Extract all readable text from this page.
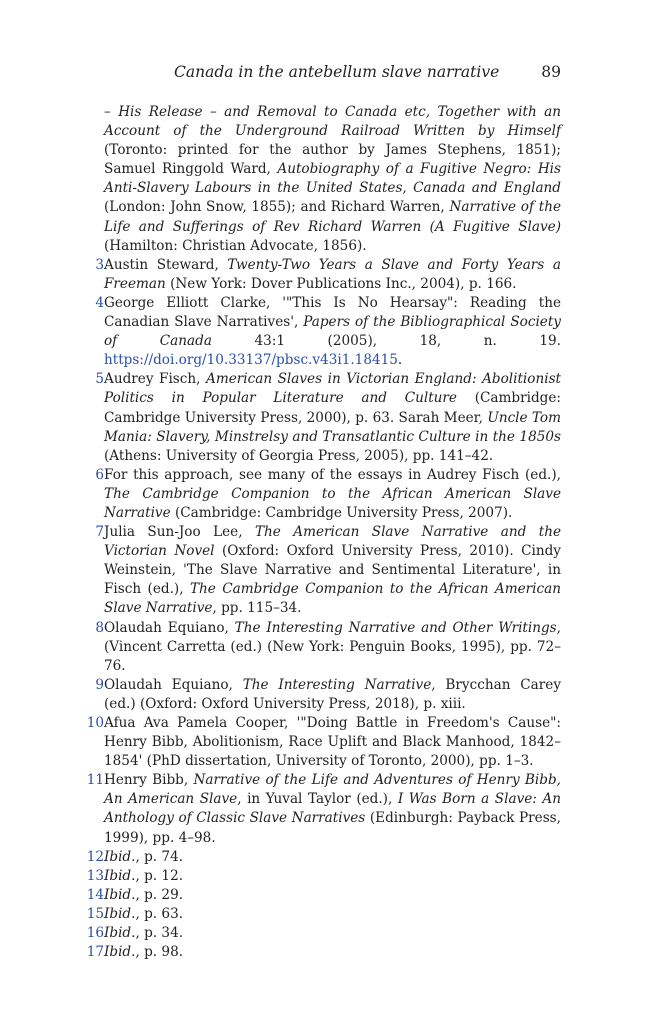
Canada in the antebellum slave narrative	89
– His Release – and Removal to Canada etc, Together with an Account of the Underground Railroad Written by Himself (Toronto: printed for the author by James Stephens, 1851); Samuel Ringgold Ward, Autobiography of a Fugitive Negro: His Anti-Slavery Labours in the United States, Canada and England (London: John Snow, 1855); and Richard Warren, Narrative of the Life and Sufferings of Rev Richard Warren (A Fugitive Slave) (Hamilton: Christian Advocate, 1856).
3 Austin Steward, Twenty-Two Years a Slave and Forty Years a Freeman (New York: Dover Publications Inc., 2004), p. 166.
4 George Elliott Clarke, '"This Is No Hearsay": Reading the Canadian Slave Narratives', Papers of the Bibliographical Society of Canada 43:1 (2005), 18, n. 19. https://doi.org/10.33137/pbsc.v43i1.18415.
5 Audrey Fisch, American Slaves in Victorian England: Abolitionist Politics in Popular Literature and Culture (Cambridge: Cambridge University Press, 2000), p. 63. Sarah Meer, Uncle Tom Mania: Slavery, Minstrelsy and Transatlantic Culture in the 1850s (Athens: University of Georgia Press, 2005), pp. 141–42.
6 For this approach, see many of the essays in Audrey Fisch (ed.), The Cambridge Companion to the African American Slave Narrative (Cambridge: Cambridge University Press, 2007).
7 Julia Sun-Joo Lee, The American Slave Narrative and the Victorian Novel (Oxford: Oxford University Press, 2010). Cindy Weinstein, 'The Slave Narrative and Sentimental Literature', in Fisch (ed.), The Cambridge Companion to the African American Slave Narrative, pp. 115–34.
8 Olaudah Equiano, The Interesting Narrative and Other Writings, (Vincent Carretta (ed.) (New York: Penguin Books, 1995), pp. 72–76.
9 Olaudah Equiano, The Interesting Narrative, Brycchan Carey (ed.) (Oxford: Oxford University Press, 2018), p. xiii.
10 Afua Ava Pamela Cooper, '"Doing Battle in Freedom's Cause": Henry Bibb, Abolitionism, Race Uplift and Black Manhood, 1842–1854' (PhD dissertation, University of Toronto, 2000), pp. 1–3.
11 Henry Bibb, Narrative of the Life and Adventures of Henry Bibb, An American Slave, in Yuval Taylor (ed.), I Was Born a Slave: An Anthology of Classic Slave Narratives (Edinburgh: Payback Press, 1999), pp. 4–98.
12 Ibid., p. 74.
13 Ibid., p. 12.
14 Ibid., p. 29.
15 Ibid., p. 63.
16 Ibid., p. 34.
17 Ibid., p. 98.
